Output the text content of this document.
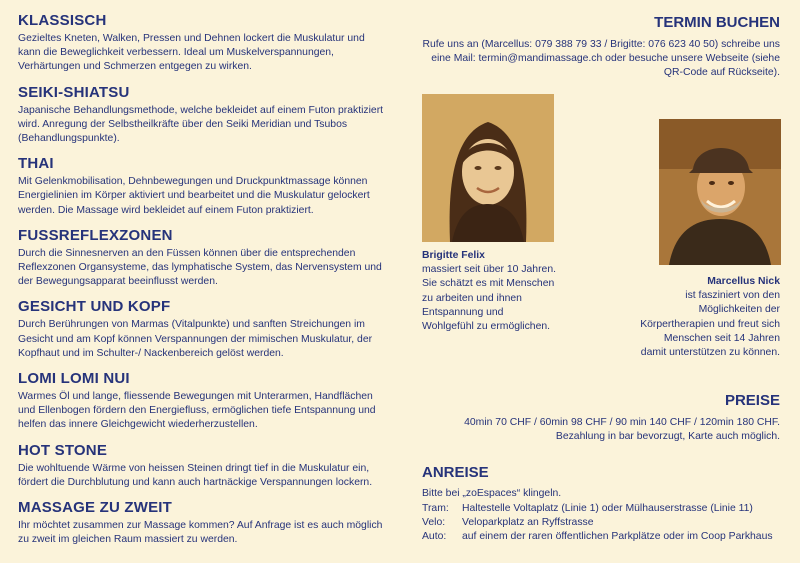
KLASSISCH

Gezieltes Kneten, Walken, Pressen und Dehnen lockert die Muskulatur und kann die Beweglichkeit verbessern. Ideal um Muskelverspannungen, Verhärtungen und Schmerzen entgegen zu wirken.

SEIKI-SHIATSU

Japanische Behandlungsmethode, welche bekleidet auf einem Futon praktiziert wird. Anregung der Selbstheilkräfte über den Seiki Meridian und Tsubos (Behandlungspunkte).

THAI

Mit Gelenkmobilisation, Dehnbewegungen und Druckpunktmassage können Energielinien im Körper aktiviert und bearbeitet und die Muskulatur gelockert werden. Die Massage wird bekleidet auf einem Futon praktiziert.

FUSSREFLEXZONEN

Durch die Sinnesnerven an den Füssen können über die entsprechenden Reflexzonen Organsysteme, das lymphatische System, das Nervensystem und der Bewegungsapparat beeinflusst werden.

GESICHT UND KOPF

Durch Berührungen von Marmas (Vitalpunkte) und sanften Streichungen im Gesicht und am Kopf können Verspannungen der mimischen Muskulatur, der Kopfhaut und im Schulter-/ Nackenbereich gelöst werden.

LOMI LOMI NUI

Warmes Öl und lange, fliessende Bewegungen mit Unterarmen, Handflächen und Ellenbogen fördern den Energiefluss, ermöglichen tiefe Entspannung und helfen das innere Gleichgewicht wiederherzustellen.

HOT STONE

Die wohltuende Wärme von heissen Steinen dringt tief in die Muskulatur ein, fördert die Durchblutung und kann auch hartnäckige Verspannungen lockern.

MASSAGE ZU ZWEIT

Ihr möchtet zusammen zur Massage kommen? Auf Anfrage ist es auch möglich zu zweit im gleichen Raum massiert zu werden.

TERMIN BUCHEN

Rufe uns an (Marcellus: 079 388 79 33 / Brigitte: 076 623 40 50) schreibe uns eine Mail: termin@mandimassage.ch oder besuche unsere Webseite (siehe QR-Code auf Rückseite).

Brigitte Felix
massiert seit über 10 Jahren. Sie schätzt es mit Menschen zu arbeiten und ihnen Entspannung und Wohlgefühl zu ermöglichen.
Marcellus Nick
ist fasziniert von den Möglichkeiten der Körpertherapien und freut sich Menschen seit 14 Jahren damit unterstützen zu können.
PREISE
40min 70 CHF / 60min 98 CHF / 90 min 140 CHF / 120min 180 CHF.
Bezahlung in bar bevorzugt, Karte auch möglich.
ANREISE
Bitte bei „zoEspaces“ klingeln.
Tram:	Haltestelle Voltaplatz (Linie 1) oder Mülhauserstrasse (Linie 11)
Velo:	Veloparkplatz an Ryffstrasse
Auto:	auf einem der raren öffentlichen Parkplätze oder im Coop Parkhaus
